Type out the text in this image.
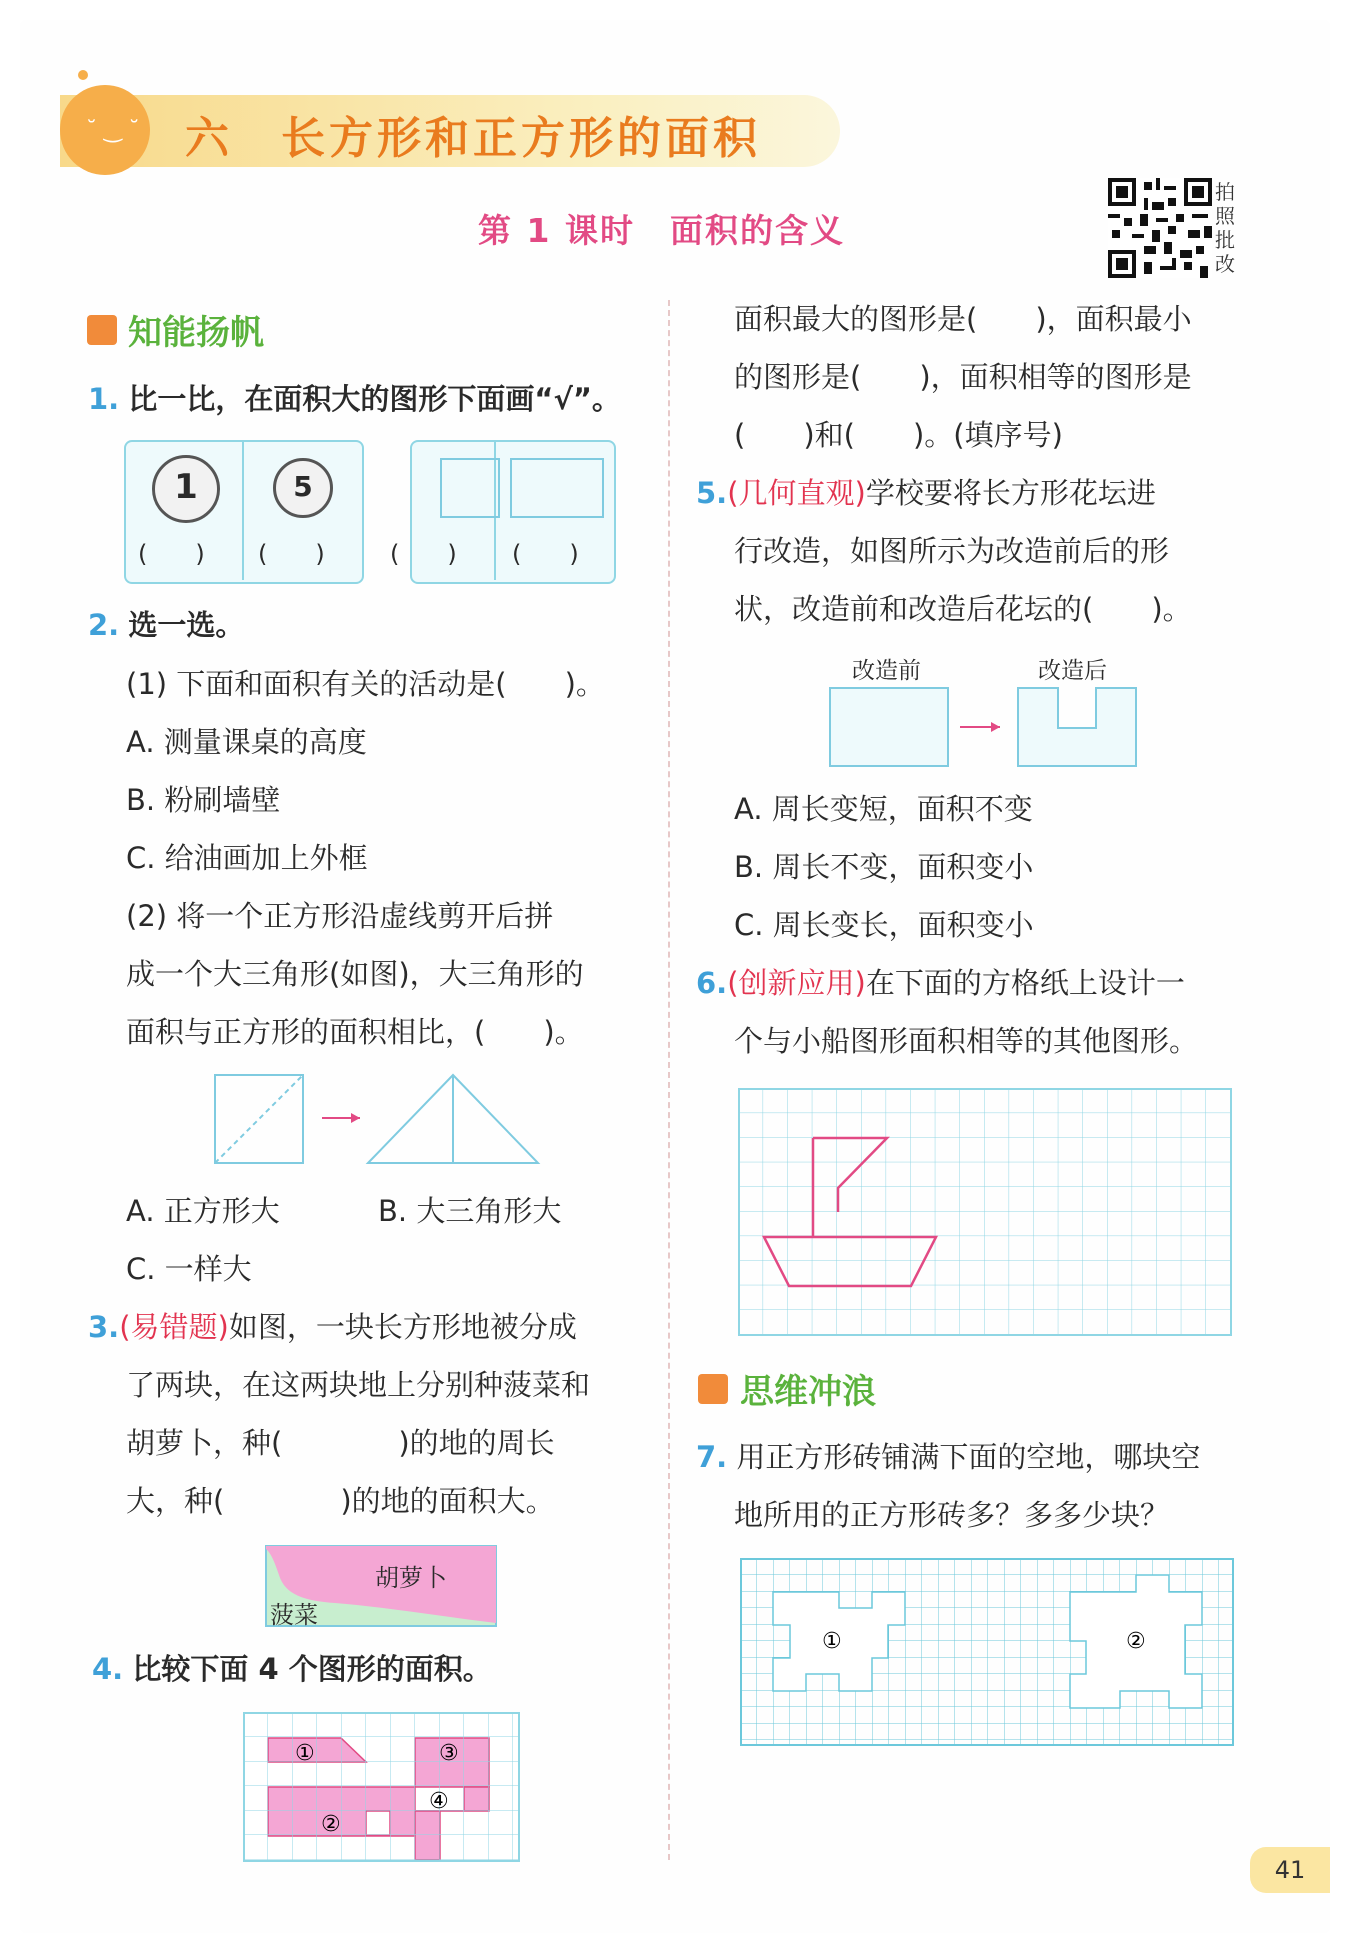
˘ ‿ ˘ 六　长方形和正方形的面积
第 1 课时　面积的含义
拍照批改
知能扬帆
1. 比一比，在面积大的图形下面画“√”。
1	5
(　　) (　　)	(　　) (　　)
2. 选一选。
(1) 下面和面积有关的活动是(　　)。
A. 测量课桌的高度
B. 粉刷墙壁
C. 给油画加上外框
(2) 将一个正方形沿虚线剪开后拼
成一个大三角形(如图)，大三角形的
面积与正方形的面积相比，(　　)。
A. 正方形大	B. 大三角形大
C. 一样大
3.(易错题)如图，一块长方形地被分成
了两块，在这两块地上分别种菠菜和
胡萝卜，种(　　　　)的地的周长
大，种(　　　　)的地的面积大。
胡萝卜
菠菜
4. 比较下面 4 个图形的面积。
①
②
③
④
面积最大的图形是(　　)，面积最小
的图形是(　　)，面积相等的图形是
(　　)和(　　)。(填序号)
5.(几何直观)学校要将长方形花坛进
行改造，如图所示为改造前后的形
状，改造前和改造后花坛的(　　)。
改造前	改造后
A. 周长变短，面积不变
B. 周长不变，面积变小
C. 周长变长，面积变小
6.(创新应用)在下面的方格纸上设计一
个与小船图形面积相等的其他图形。
思维冲浪
7. 用正方形砖铺满下面的空地，哪块空
地所用的正方形砖多？多多少块？
①	②
41
